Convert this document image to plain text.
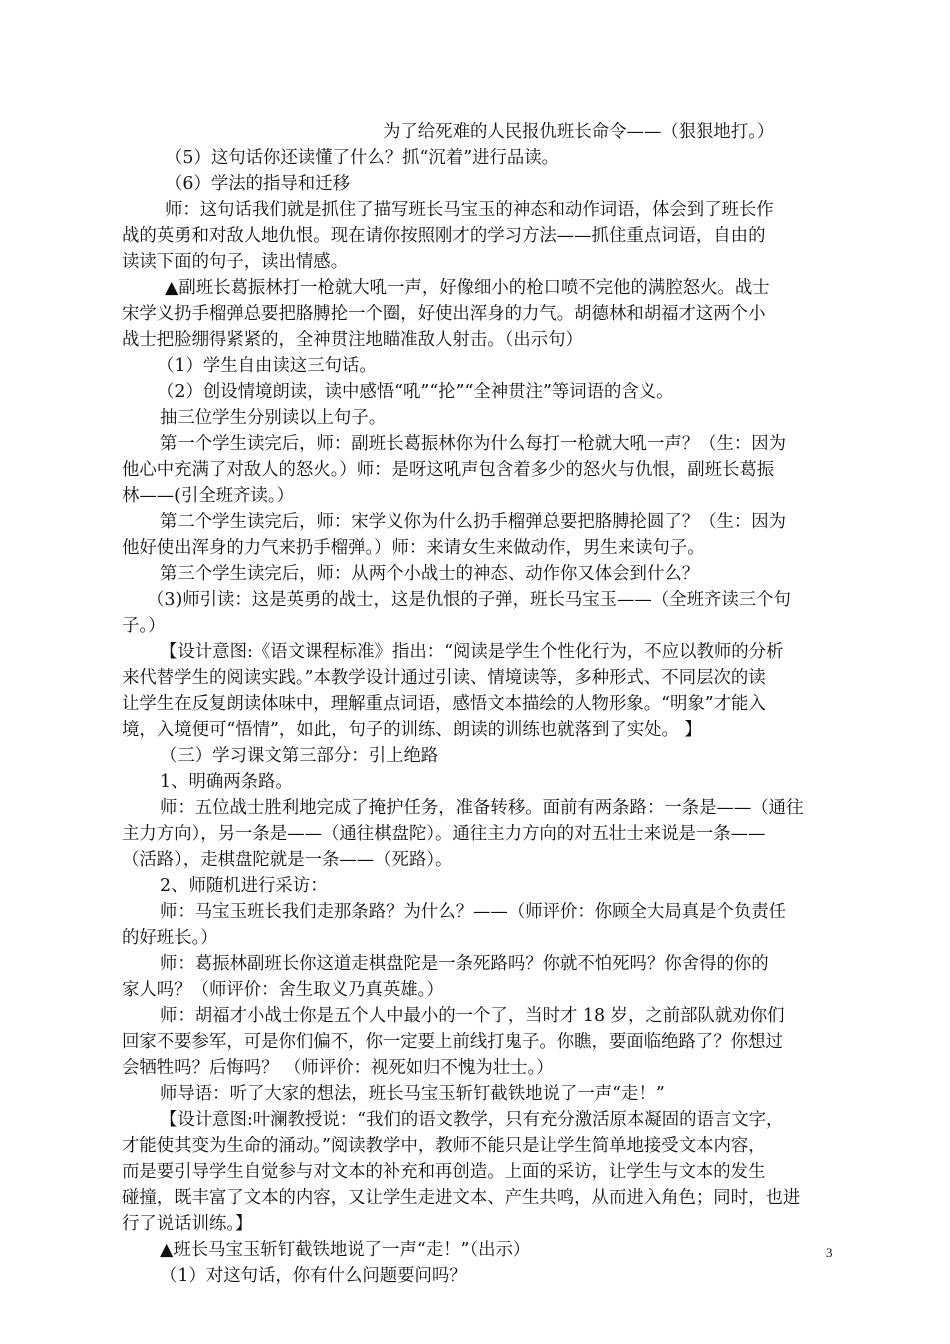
为了给死难的人民报仇班长命令——（狠狠地打。）
（5）这句话你还读懂了什么？抓“沉着”进行品读。
（6）学法的指导和迁移
师：这句话我们就是抓住了描写班长马宝玉的神态和动作词语，体会到了班长作
战的英勇和对敌人地仇恨。现在请你按照刚才的学习方法——抓住重点词语，自由的
读读下面的句子，读出情感。
▲副班长葛振林打一枪就大吼一声，好像细小的枪口喷不完他的满腔怒火。战士
宋学义扔手榴弹总要把胳膊抡一个圈，好使出浑身的力气。胡德林和胡福才这两个小
战士把脸绷得紧紧的，全神贯注地瞄准敌人射击。（出示句）
（1）学生自由读这三句话。
（2）创设情境朗读，读中感悟“吼”“抡”“全神贯注”等词语的含义。
抽三位学生分别读以上句子。
第一个学生读完后，师：副班长葛振林你为什么每打一枪就大吼一声？（生：因为
他心中充满了对敌人的怒火。）师：是呀这吼声包含着多少的怒火与仇恨，副班长葛振
林——(引全班齐读。）
第二个学生读完后，师：宋学义你为什么扔手榴弹总要把胳膊抡圆了？（生：因为
他好使出浑身的力气来扔手榴弹。）师：来请女生来做动作，男生来读句子。
第三个学生读完后，师：从两个小战士的神态、动作你又体会到什么？
（3)师引读：这是英勇的战士，这是仇恨的子弹，班长马宝玉——（全班齐读三个句
子。）
【设计意图:《语文课程标准》指出：“阅读是学生个性化行为，不应以教师的分析
来代替学生的阅读实践。”本教学设计通过引读、情境读等，多种形式、不同层次的读
让学生在反复朗读体味中，理解重点词语，感悟文本描绘的人物形象。“明象”才能入
境，入境便可“悟情”，如此，句子的训练、朗读的训练也就落到了实处。 】
（三）学习课文第三部分：引上绝路
1、明确两条路。
师：五位战士胜利地完成了掩护任务，准备转移。面前有两条路：一条是——（通往
主力方向），另一条是——（通往棋盘陀）。通往主力方向的对五壮士来说是一条——
（活路），走棋盘陀就是一条——（死路）。
2、师随机进行采访：
师：马宝玉班长我们走那条路？为什么？——（师评价：你顾全大局真是个负责任
的好班长。）
师：葛振林副班长你这道走棋盘陀是一条死路吗？你就不怕死吗？你舍得的你的
家人吗？（师评价：舍生取义乃真英雄。）
师：胡福才小战士你是五个人中最小的一个了，当时才 18 岁，之前部队就劝你们
回家不要参军，可是你们偏不，你一定要上前线打鬼子。你瞧，要面临绝路了？你想过
会牺牲吗？后悔吗？ （师评价：视死如归不愧为壮士。）
师导语：听了大家的想法，班长马宝玉斩钉截铁地说了一声“走！”
【设计意图:叶澜教授说：“我们的语文教学，只有充分激活原本凝固的语言文字，
才能使其变为生命的涌动。”阅读教学中，教师不能只是让学生简单地接受文本内容，
而是要引导学生自觉参与对文本的补充和再创造。上面的采访，让学生与文本的发生
碰撞，既丰富了文本的内容，又让学生走进文本、产生共鸣，从而进入角色；同时，也进
行了说话训练。】
▲班长马宝玉斩钉截铁地说了一声“走！”（出示）
（1）对这句话，你有什么问题要问吗？
3
